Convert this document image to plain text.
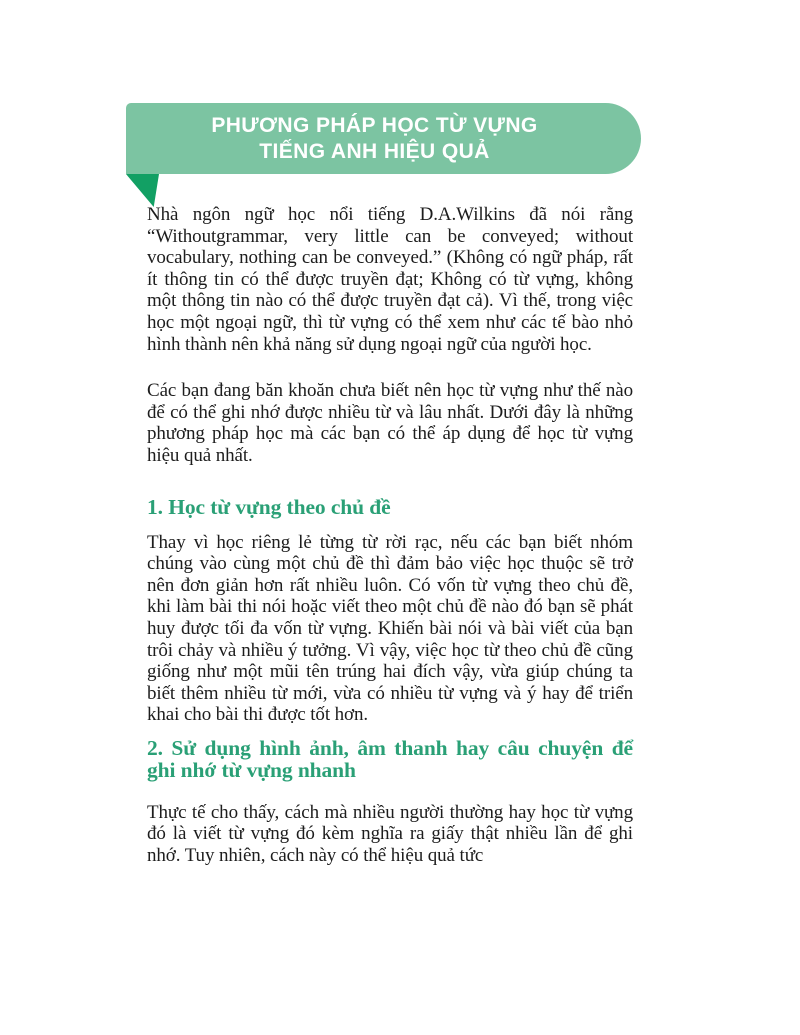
PHƯƠNG PHÁP HỌC TỪ VỰNG
TIẾNG ANH HIỆU QUẢ

Nhà ngôn ngữ học nổi tiếng D.A.Wilkins đã nói rằng “Withoutgrammar, very little can be conveyed; without vocabulary, nothing can be conveyed.” (Không có ngữ pháp, rất ít thông tin có thể được truyền đạt; Không có từ vựng, không một thông tin nào có thể được truyền đạt cả). Vì thế, trong việc học một ngoại ngữ, thì từ vựng có thể xem như các tế bào nhỏ hình thành nên khả năng sử dụng ngoại ngữ của người học.

Các bạn đang băn khoăn chưa biết nên học từ vựng như thế nào để có thể ghi nhớ được nhiều từ và lâu nhất. Dưới đây là những phương pháp học mà các bạn có thể áp dụng để học từ vựng hiệu quả nhất.

1. Học từ vựng theo chủ đề

Thay vì học riêng lẻ từng từ rời rạc, nếu các bạn biết nhóm chúng vào cùng một chủ đề thì đảm bảo việc học thuộc sẽ trở nên đơn giản hơn rất nhiều luôn. Có vốn từ vựng theo chủ đề, khi làm bài thi nói hoặc viết theo một chủ đề nào đó bạn sẽ phát huy được tối đa vốn từ vựng. Khiến bài nói và bài viết của bạn trôi chảy và nhiều ý tưởng. Vì vậy, việc học từ theo chủ đề cũng giống như một mũi tên trúng hai đích vậy, vừa giúp chúng ta biết thêm nhiều từ mới, vừa có nhiều từ vựng và ý hay để triển khai cho bài thi được tốt hơn.

2. Sử dụng hình ảnh, âm thanh hay câu chuyện để ghi nhớ từ vựng nhanh

Thực tế cho thấy, cách mà nhiều người thường hay học từ vựng đó là viết từ vựng đó kèm nghĩa ra giấy thật nhiều lần để ghi nhớ. Tuy nhiên, cách này có thể hiệu quả tức
